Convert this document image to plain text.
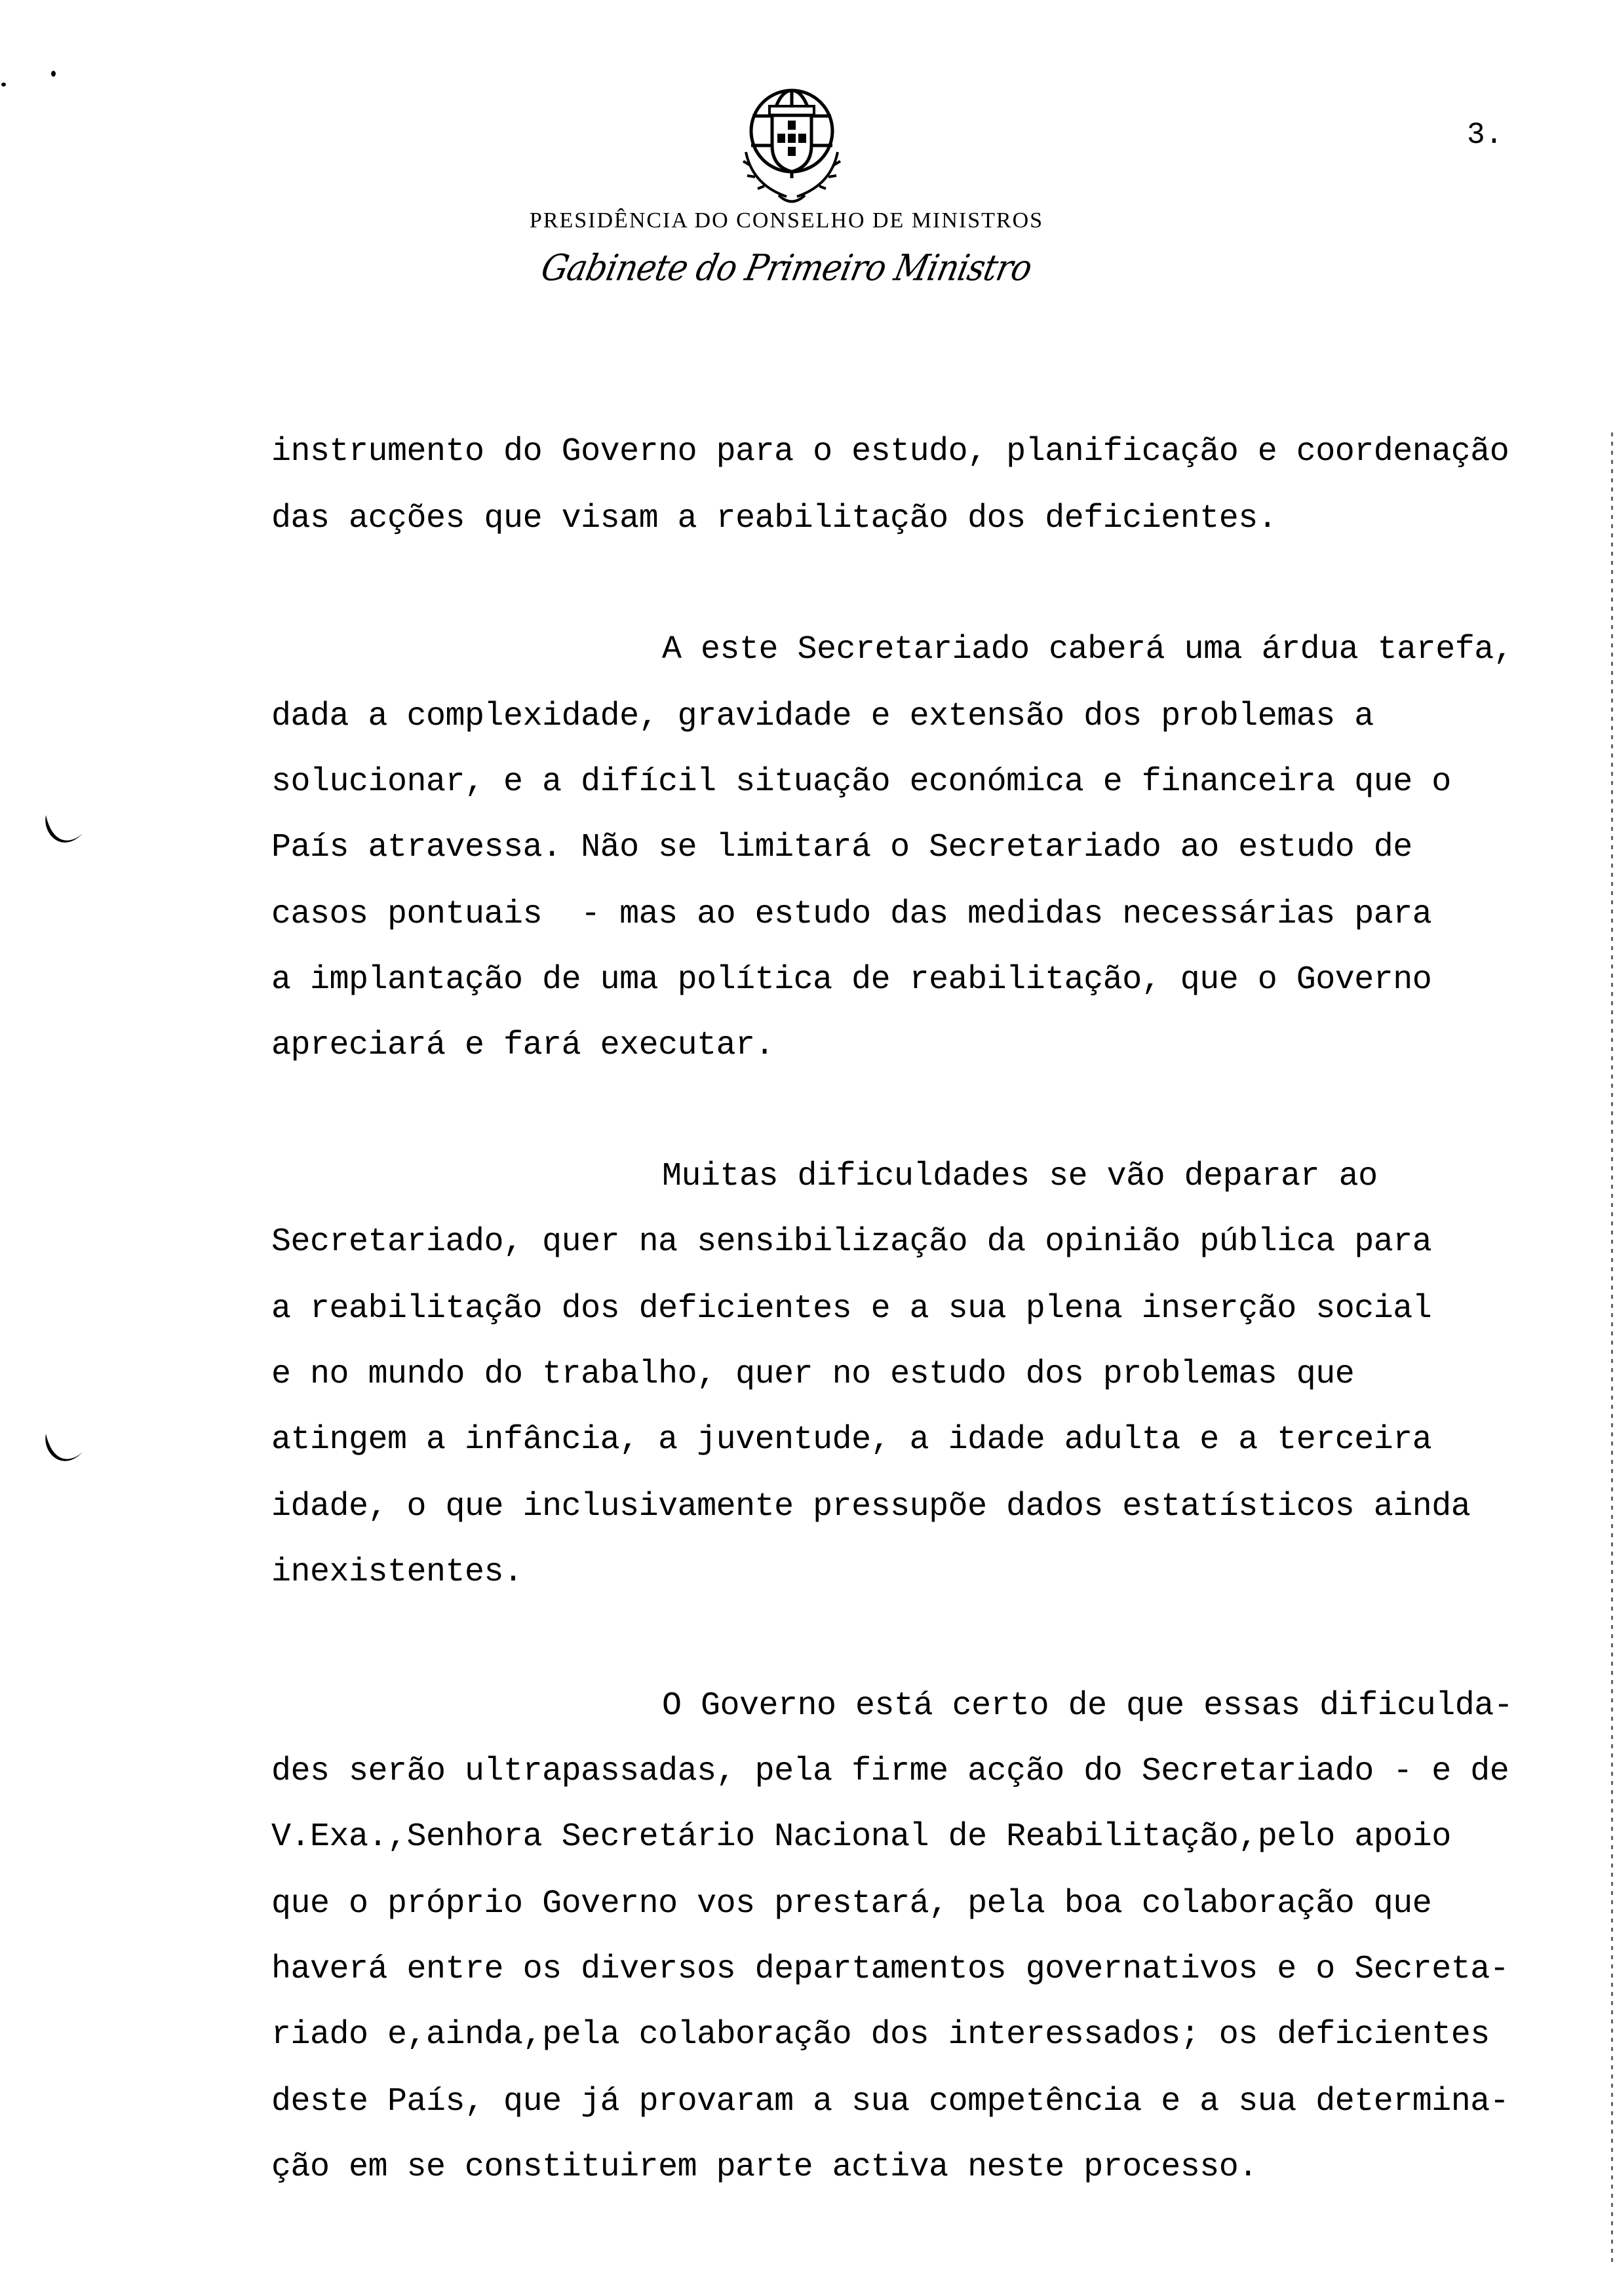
PRESIDÊNCIA DO CONSELHO DE MINISTROS
Gabinete do Primeiro Ministro
3.
instrumento do Governo para o estudo, planificação e coordenação
das acções que visam a reabilitação dos deficientes.
A este Secretariado caberá uma árdua tarefa,
dada a complexidade, gravidade e extensão dos problemas a
solucionar, e a difícil situação económica e financeira que o
País atravessa. Não se limitará o Secretariado ao estudo de
casos pontuais  - mas ao estudo das medidas necessárias para
a implantação de uma política de reabilitação, que o Governo
apreciará e fará executar.
Muitas dificuldades se vão deparar ao
Secretariado, quer na sensibilização da opinião pública para
a reabilitação dos deficientes e a sua plena inserção social
e no mundo do trabalho, quer no estudo dos problemas que
atingem a infância, a juventude, a idade adulta e a terceira
idade, o que inclusivamente pressupõe dados estatísticos ainda
inexistentes.
O Governo está certo de que essas dificulda-
des serão ultrapassadas, pela firme acção do Secretariado - e de
V.Exa.,Senhora Secretário Nacional de Reabilitação,pelo apoio
que o próprio Governo vos prestará, pela boa colaboração que
haverá entre os diversos departamentos governativos e o Secreta-
riado e,ainda,pela colaboração dos interessados; os deficientes
deste País, que já provaram a sua competência e a sua determina-
ção em se constituirem parte activa neste processo.
